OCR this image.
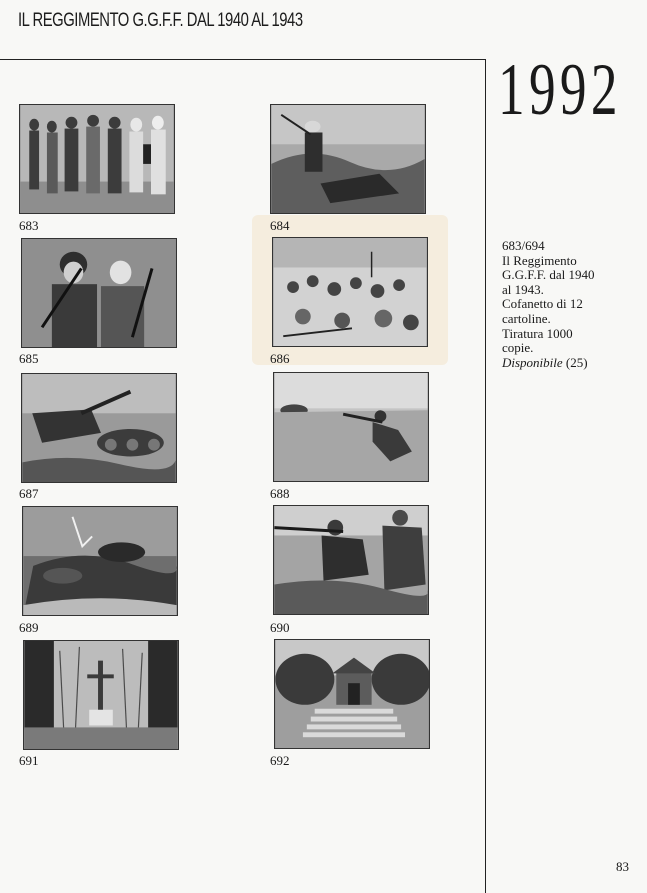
IL REGGIMENTO G.G.F.F. DAL 1940 AL 1943
1992
683	684
685	686
687	688
689	690
691	692
683/694
Il Reggimento
G.G.F.F. dal 1940
al 1943.
Cofanetto di 12
cartoline.
Tiratura 1000
copie.
Disponibile (25)
83
